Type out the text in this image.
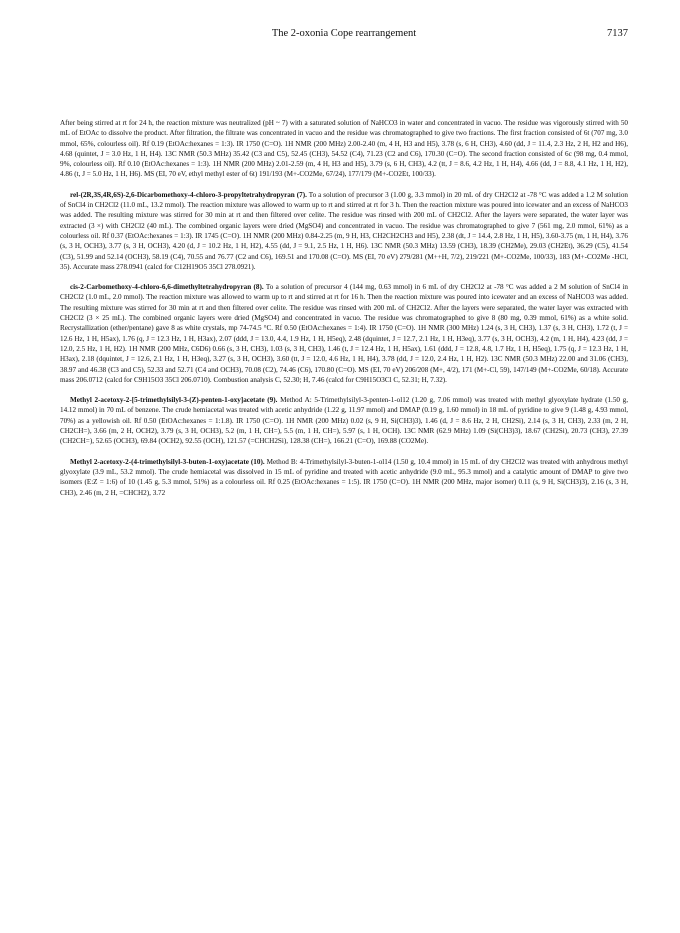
The 2-oxonia Cope rearrangement	7137

After being stirred at rt for 24 h, the reaction mixture was neutralized (pH ~ 7) with a saturated solution of NaHCO3 in water and concentrated in vacuo. The residue was vigorously stirred with 50 mL of EtOAc to dissolve the product. After filtration, the filtrate was concentrated in vacuo and the residue was chromatographed to give two fractions. The first fraction consisted of 6t (707 mg, 3.0 mmol, 65%, colourless oil). Rf 0.19 (EtOAc:hexanes = 1:3). IR 1750 (C=O). 1H NMR (200 MHz) 2.00-2.40 (m, 4 H, H3 and H5), 3.78 (s, 6 H, CH3), 4.60 (dd, J = 11.4, 2.3 Hz, 2 H, H2 and H6), 4.68 (quintet, J = 3.0 Hz, 1 H, H4). 13C NMR (50.3 MHz) 35.42 (C3 and C5), 52.45 (CH3), 54.52 (C4), 71.23 (C2 and C6), 170.30 (C=O). The second fraction consisted of 6c (98 mg, 0.4 mmol, 9%, colourless oil). Rf 0.10 (EtOAc:hexanes = 1:3). 1H NMR (200 MHz) 2.01-2.59 (m, 4 H, H3 and H5), 3.79 (s, 6 H, CH3), 4.2 (tt, J = 8.6, 4.2 Hz, 1 H, H4), 4.66 (dd, J = 8.8, 4.1 Hz, 1 H, H2), 4.86 (t, J = 5.0 Hz, 1 H, H6). MS (EI, 70 eV, ethyl methyl ester of 6t) 191/193 (M+-CO2Me, 67/24), 177/179 (M+-CO2Et, 100/33).

rel-(2R,3S,4R,6S)-2,6-Dicarbomethoxy-4-chloro-3-propyltetrahydropyran (7). To a solution of precursor 3 (1.00 g, 3.3 mmol) in 20 mL of dry CH2Cl2 at -78 °C was added a 1.2 M solution of SnCl4 in CH2Cl2 (11.0 mL, 13.2 mmol). The reaction mixture was allowed to warm up to rt and stirred at rt for 3 h. Then the reaction mixture was poured into icewater and an excess of NaHCO3 was added. The resulting mixture was stirred for 30 min at rt and then filtered over celite. The residue was rinsed with 200 mL of CH2Cl2. After the layers were separated, the water layer was extracted (3 ×) with CH2Cl2 (40 mL). The combined organic layers were dried (MgSO4) and concentrated in vacuo. The residue was chromatographed to give 7 (561 mg, 2.0 mmol, 61%) as a colourless oil. Rf 0.37 (EtOAc:hexanes = 1:3). IR 1745 (C=O). 1H NMR (200 MHz) 0.84-2.25 (m, 9 H, H3, CH2CH2CH3 and H5), 2.38 (dt, J = 14.4, 2.8 Hz, 1 H, H5), 3.60-3.75 (m, 1 H, H4), 3.76 (s, 3 H, OCH3), 3.77 (s, 3 H, OCH3), 4.20 (d, J = 10.2 Hz, 1 H, H2), 4.55 (dd, J = 9.1, 2.5 Hz, 1 H, H6). 13C NMR (50.3 MHz) 13.59 (CH3), 18.39 (CH2Me), 29.03 (CH2Et), 36.29 (C5), 41.54 (C3), 51.99 and 52.14 (OCH3), 58.19 (C4), 70.55 and 76.77 (C2 and C6), 169.51 and 170.08 (C=O). MS (EI, 70 eV) 279/281 (M++H, 7/2), 219/221 (M+-CO2Me, 100/33), 183 (M+-CO2Me -HCl, 35). Accurate mass 278.0941 (calcd for C12H19O5 35Cl 278.0921).

cis-2-Carbomethoxy-4-chloro-6,6-dimethyltetrahydropyran (8). To a solution of precursor 4 (144 mg, 0.63 mmol) in 6 mL of dry CH2Cl2 at -78 °C was added a 2 M solution of SnCl4 in CH2Cl2 (1.0 mL, 2.0 mmol). The reaction mixture was allowed to warm up to rt and stirred at rt for 16 h. Then the reaction mixture was poured into icewater and an excess of NaHCO3 was added. The resulting mixture was stirred for 30 min at rt and then filtered over celite. The residue was rinsed with 200 mL of CH2Cl2. After the layers were separated, the water layer was extracted with CH2Cl2 (3 × 25 mL). The combined organic layers were dried (MgSO4) and concentrated in vacuo. The residue was chromatographed to give 8 (80 mg, 0.39 mmol, 61%) as a white solid. Recrystallization (ether/pentane) gave 8 as white crystals, mp 74-74.5 °C. Rf 0.50 (EtOAc:hexanes = 1:4). IR 1750 (C=O). 1H NMR (300 MHz) 1.24 (s, 3 H, CH3), 1.37 (s, 3 H, CH3), 1.72 (t, J = 12.6 Hz, 1 H, H5ax), 1.76 (q, J = 12.3 Hz, 1 H, H3ax), 2.07 (ddd, J = 13.0, 4.4, 1.9 Hz, 1 H, H5eq), 2.48 (dquintet, J = 12.7, 2.1 Hz, 1 H, H3eq), 3.77 (s, 3 H, OCH3), 4.2 (m, 1 H, H4), 4.23 (dd, J = 12.0, 2.5 Hz, 1 H, H2). 1H NMR (200 MHz, C6D6) 0.66 (s, 3 H, CH3), 1.03 (s, 3 H, CH3), 1.46 (t, J = 12.4 Hz, 1 H, H5ax), 1.61 (ddd, J = 12.8, 4.8, 1.7 Hz, 1 H, H5eq), 1.75 (q, J = 12.3 Hz, 1 H, H3ax), 2.18 (dquintet, J = 12.6, 2.1 Hz, 1 H, H3eq), 3.27 (s, 3 H, OCH3), 3.60 (tt, J = 12.0, 4.6 Hz, 1 H, H4), 3.78 (dd, J = 12.0, 2.4 Hz, 1 H, H2). 13C NMR (50.3 MHz) 22.00 and 31.06 (CH3), 38.97 and 46.38 (C3 and C5), 52.33 and 52.71 (C4 and OCH3), 70.08 (C2), 74.46 (C6), 170.80 (C=O). MS (EI, 70 eV) 206/208 (M+, 4/2), 171 (M+-Cl, 59), 147/149 (M+-CO2Me, 60/18). Accurate mass 206.0712 (calcd for C9H15O3 35Cl 206.0710). Combustion analysis C, 52.30; H, 7.46 (calcd for C9H15O3Cl C, 52.31; H, 7.32).

Methyl 2-acetoxy-2-[5-trimethylsilyl-3-(Z)-penten-1-oxy]acetate (9). Method A: 5-Trimethylsilyl-3-penten-1-ol12 (1.20 g, 7.06 mmol) was treated with methyl glyoxylate hydrate (1.50 g, 14.12 mmol) in 70 mL of benzene. The crude hemiacetal was treated with acetic anhydride (1.22 g, 11.97 mmol) and DMAP (0.19 g, 1.60 mmol) in 18 mL of pyridine to give 9 (1.48 g, 4.93 mmol, 70%) as a yellowish oil. Rf 0.50 (EtOAc:hexanes = 1:1.8). IR 1750 (C=O). 1H NMR (200 MHz) 0.02 (s, 9 H, Si(CH3)3), 1.46 (d, J = 8.6 Hz, 2 H, CH2Si), 2.14 (s, 3 H, CH3), 2.33 (m, 2 H, CH2CH=), 3.66 (m, 2 H, OCH2), 3.79 (s, 3 H, OCH3), 5.2 (m, 1 H, CH=), 5.5 (m, 1 H, CH=), 5.97 (s, 1 H, OCH). 13C NMR (62.9 MHz) 1.09 (Si(CH3)3), 18.67 (CH2Si), 20.73 (CH3), 27.39 (CH2CH=), 52.65 (OCH3), 69.84 (OCH2), 92.55 (OCH), 121.57 (=CHCH2Si), 128.38 (CH=), 166.21 (C=O), 169.88 (CO2Me).

Methyl 2-acetoxy-2-(4-trimethylsilyl-3-buten-1-oxy)acetate (10). Method B: 4-Trimethylsilyl-3-buten-1-ol14 (1.50 g, 10.4 mmol) in 15 mL of dry CH2Cl2 was treated with anhydrous methyl glyoxylate (3.9 mL, 53.2 mmol). The crude hemiacetal was dissolved in 15 mL of pyridine and treated with acetic anhydride (9.0 mL, 95.3 mmol) and a catalytic amount of DMAP to give two isomers (E:Z = 1:6) of 10 (1.45 g, 5.3 mmol, 51%) as a colourless oil. Rf 0.25 (EtOAc:hexanes = 1:5). IR 1750 (C=O). 1H NMR (200 MHz, major isomer) 0.11 (s, 9 H, Si(CH3)3), 2.16 (s, 3 H, CH3), 2.46 (m, 2 H, =CHCH2), 3.72
